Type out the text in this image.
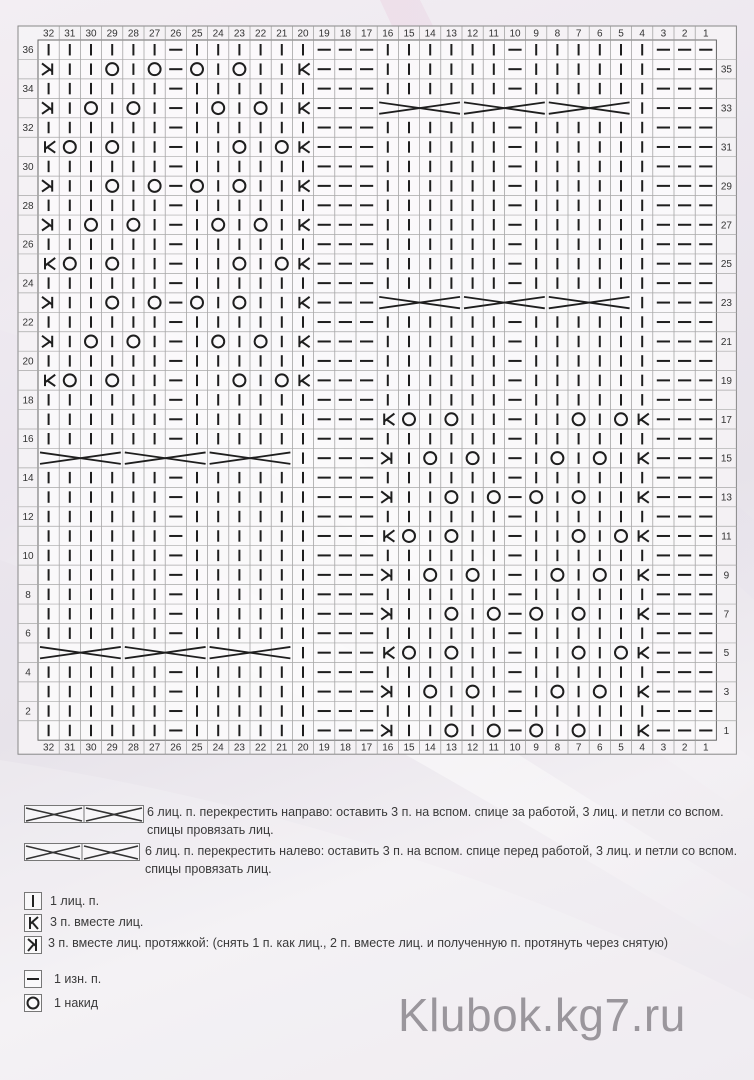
32
32
31
31
30
30
29
29
28
28
27
27
26
26
25
25
24
24
23
23
22
22
21
21
20
20
19
19
18
18
17
17
16
16
15
15
14
14
13
13
12
12
11
11
10
10
9
9
8
8
7
7
6
6
5
5
4
4
3
3
2
2
1
1
36
34
32
30
28
26
24
22
20
18
16
14
12
10
8
6
4
2
35
33
31
29
27
25
23
21
19
17
15
13
11
9
7
5
3
1
6 лиц. п. перекрестить направо: оставить 3 п. на вспом. спице за работой, 3 лиц. и петли со вспом. спицы провязать лиц.
6 лиц. п. перекрестить налево: оставить 3 п. на вспом. спице перед работой, 3 лиц. и петли со вспом. спицы провязать лиц.
1 лиц. п.
3 п. вместе лиц.
3 п. вместе лиц. протяжкой: (снять 1 п. как лиц., 2 п. вместе лиц. и полученную п. протянуть через снятую)
1 изн. п.
1 накид	Klubok.kg7.ru
